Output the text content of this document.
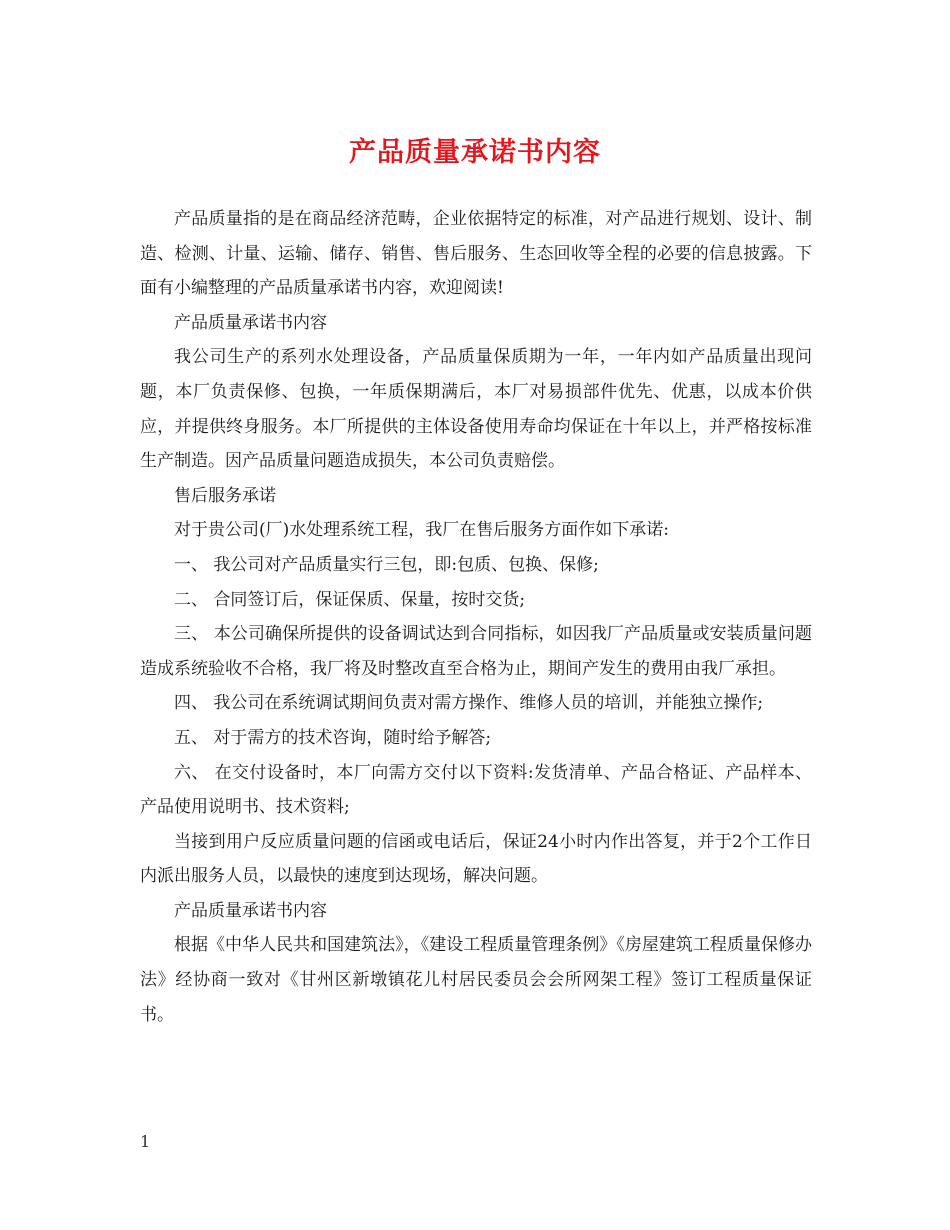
产品质量承诺书内容

产品质量指的是在商品经济范畴，企业依据特定的标准，对产品进行规划、设计、制造、检测、计量、运输、储存、销售、售后服务、生态回收等全程的必要的信息披露。下面有小编整理的产品质量承诺书内容，欢迎阅读!

产品质量承诺书内容

我公司生产的系列水处理设备，产品质量保质期为一年，一年内如产品质量出现问题，本厂负责保修、包换，一年质保期满后，本厂对易损部件优先、优惠，以成本价供应，并提供终身服务。本厂所提供的主体设备使用寿命均保证在十年以上，并严格按标准生产制造。因产品质量问题造成损失，本公司负责赔偿。

售后服务承诺

对于贵公司(厂)水处理系统工程，我厂在售后服务方面作如下承诺:

一、 我公司对产品质量实行三包，即:包质、包换、保修;

二、 合同签订后，保证保质、保量，按时交货;

三、 本公司确保所提供的设备调试达到合同指标，如因我厂产品质量或安装质量问题造成系统验收不合格，我厂将及时整改直至合格为止，期间产发生的费用由我厂承担。

四、 我公司在系统调试期间负责对需方操作、维修人员的培训，并能独立操作;

五、 对于需方的技术咨询，随时给予解答;

六、 在交付设备时，本厂向需方交付以下资料:发货清单、产品合格证、产品样本、产品使用说明书、技术资料;

当接到用户反应质量问题的信函或电话后，保证24小时内作出答复，并于2个工作日内派出服务人员，以最快的速度到达现场，解决问题。

产品质量承诺书内容

根据《中华人民共和国建筑法》，《建设工程质量管理条例》《房屋建筑工程质量保修办法》经协商一致对《甘州区新墩镇花儿村居民委员会会所网架工程》签订工程质量保证书。

1
